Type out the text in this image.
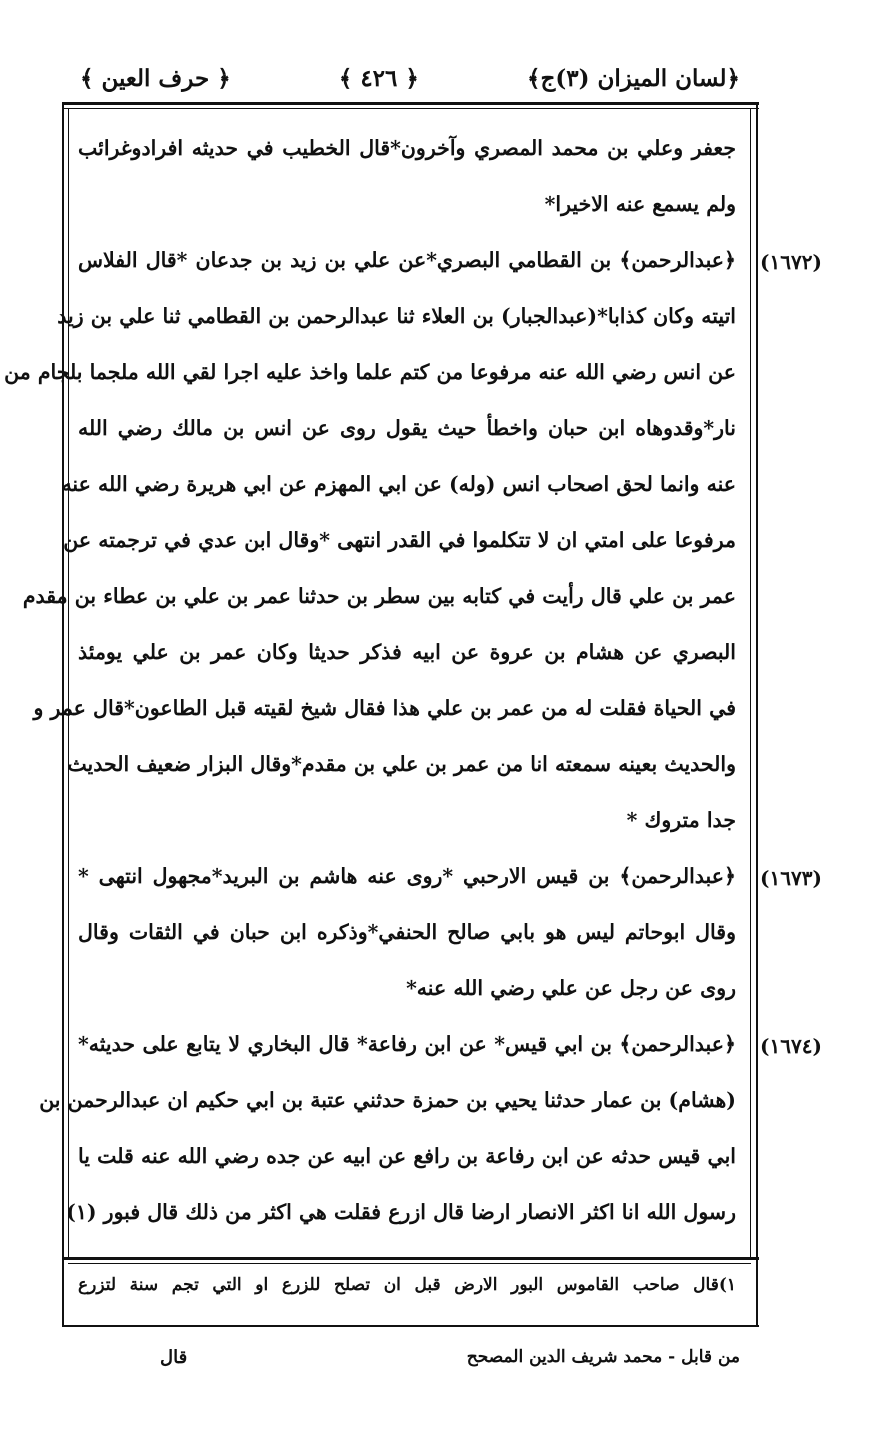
﴿لسان الميزان (۳)ج﴾
﴿ ٤٢٦ ﴾
﴿ حرف العين ﴾
(١٦٧٢)
(١٦٧٣)
(١٦٧٤)
جعفر وعلي بن محمد المصري وآخرون*قال الخطيب في حديثه افرادوغرائب
ولم يسمع عنه الاخيرا*
﴿عبدالرحمن﴾ بن القطامي البصري*عن علي بن زيد بن جدعان *قال الفلاس
اتيته وكان كذابا*(عبدالجبار) بن العلاء ثنا عبدالرحمن بن القطامي ثنا علي بن زيد
عن انس رضي الله عنه مرفوعا من كتم علما واخذ عليه اجرا لقي الله ملجما بلجام من
نار*وقدوهاه ابن حبان واخطأ حيث يقول روى عن انس بن مالك رضي الله
عنه وانما لحق اصحاب انس (وله) عن ابي المهزم عن ابي هريرة رضي الله عنه
مرفوعا على امتي ان لا تتكلموا في القدر انتهى *وقال ابن عدي في ترجمته عن
عمر بن علي قال رأيت في كتابه بين سطر بن حدثنا عمر بن علي بن عطاء بن مقدم
البصري عن هشام بن عروة عن ابيه فذكر حديثا وكان عمر بن علي يومئذ
في الحياة فقلت له من عمر بن علي هذا فقال شيخ لقيته قبل الطاعون*قال عمر و
والحديث بعينه سمعته انا من عمر بن علي بن مقدم*وقال البزار ضعيف الحديث
جدا متروك *
﴿عبدالرحمن﴾ بن قيس الارحبي *روى عنه هاشم بن البريد*مجهول انتهى *
وقال ابوحاتم ليس هو بابي صالح الحنفي*وذكره ابن حبان في الثقات وقال
روى عن رجل عن علي رضي الله عنه*
﴿عبدالرحمن﴾ بن ابي قيس* عن ابن رفاعة* قال البخاري لا يتابع على حديثه*
(هشام) بن عمار حدثنا يحيي بن حمزة حدثني عتبة بن ابي حكيم ان عبدالرحمن بن
ابي قيس حدثه عن ابن رفاعة بن رافع عن ابيه عن جده رضي الله عنه قلت يا
رسول الله انا اكثر الانصار ارضا قال ازرع فقلت هي اكثر من ذلك قال فبور (١)
١)قال صاحب القاموس البور الارض قبل ان تصلح للزرع او التي تجم سنة لتزرع
قال	من قابل - محمد شريف الدين المصحح
